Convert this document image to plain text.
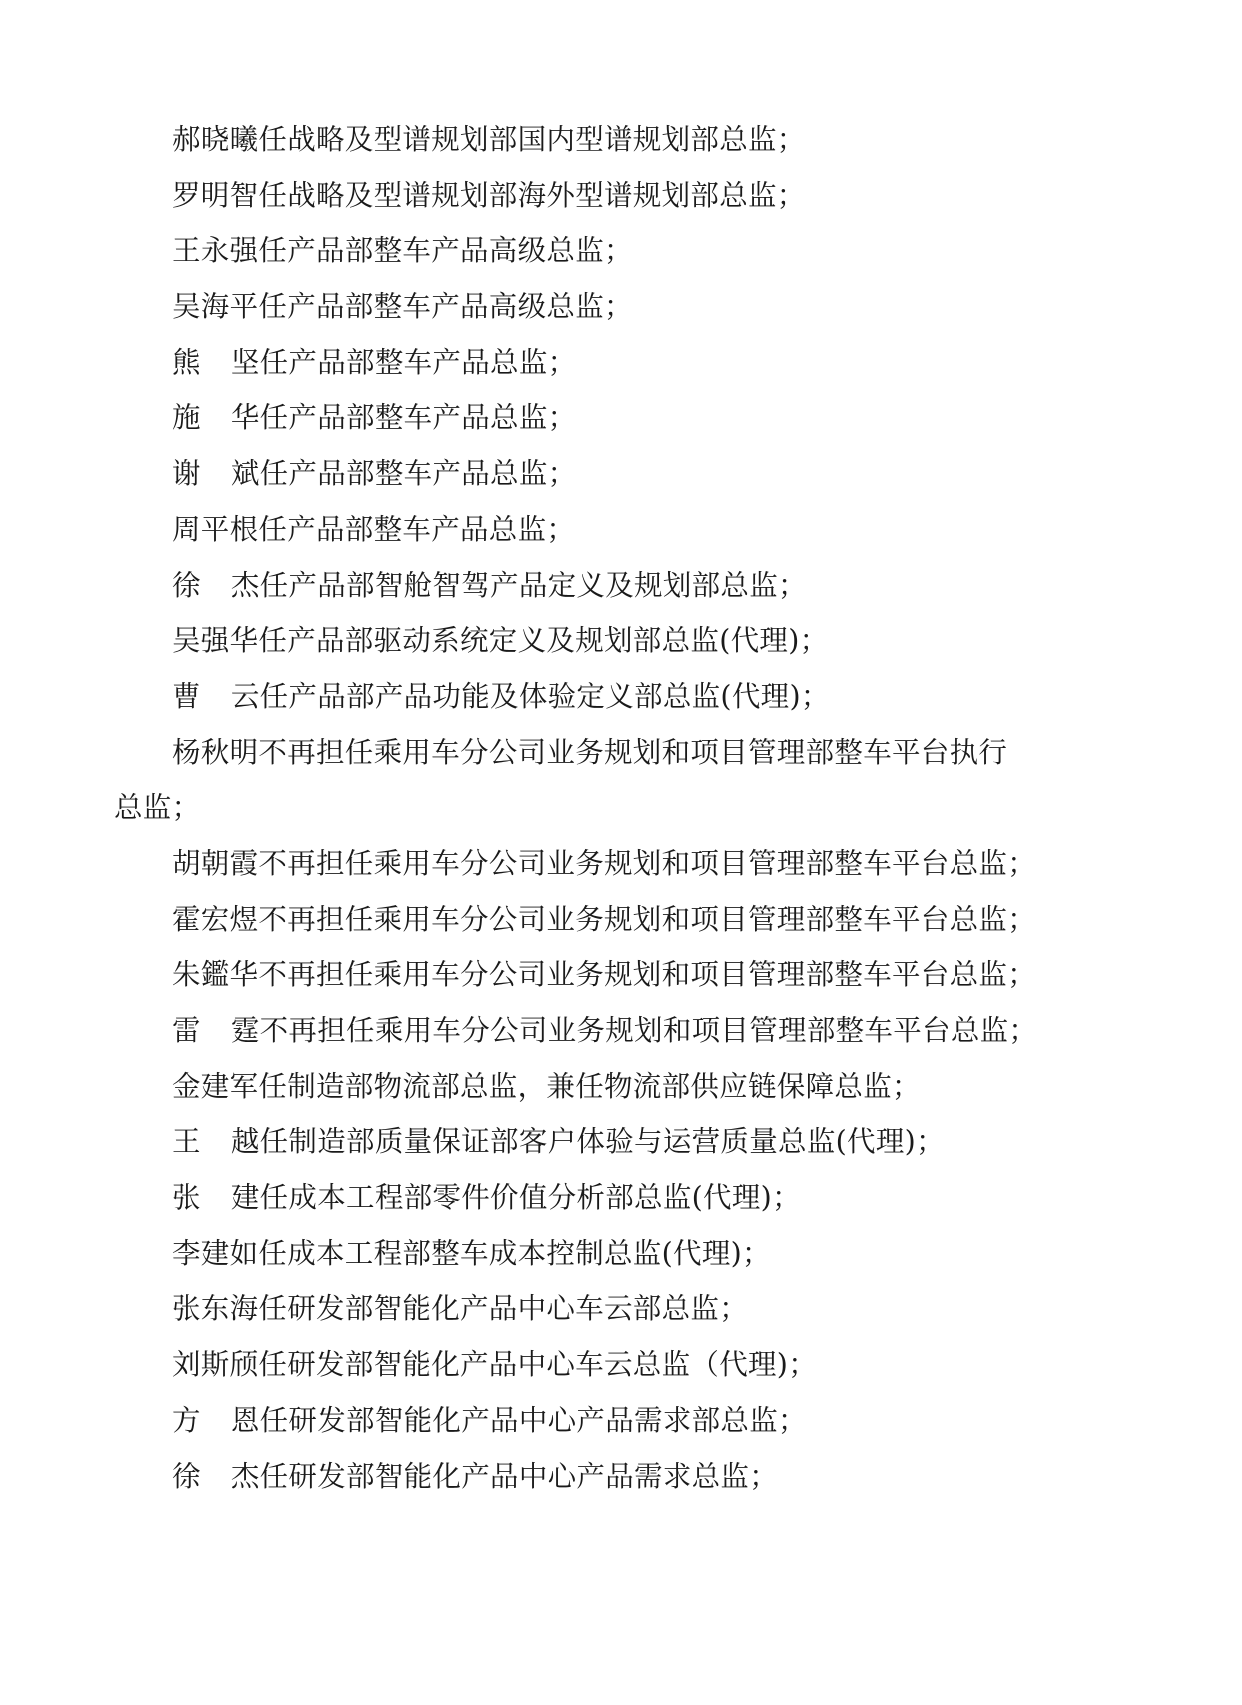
郝晓曦任战略及型谱规划部国内型谱规划部总监；
罗明智任战略及型谱规划部海外型谱规划部总监；
王永强任产品部整车产品高级总监；
吴海平任产品部整车产品高级总监；
熊 坚任产品部整车产品总监；
施 华任产品部整车产品总监；
谢 斌任产品部整车产品总监；
周平根任产品部整车产品总监；
徐 杰任产品部智舱智驾产品定义及规划部总监；
吴强华任产品部驱动系统定义及规划部总监(代理)；
曹 云任产品部产品功能及体验定义部总监(代理)；
杨秋明不再担任乘用车分公司业务规划和项目管理部整车平台执行
总监；
胡朝霞不再担任乘用车分公司业务规划和项目管理部整车平台总监；
霍宏煜不再担任乘用车分公司业务规划和项目管理部整车平台总监；
朱鑑华不再担任乘用车分公司业务规划和项目管理部整车平台总监；
雷 霆不再担任乘用车分公司业务规划和项目管理部整车平台总监；
金建军任制造部物流部总监，兼任物流部供应链保障总监；
王 越任制造部质量保证部客户体验与运营质量总监(代理)；
张 建任成本工程部零件价值分析部总监(代理)；
李建如任成本工程部整车成本控制总监(代理)；
张东海任研发部智能化产品中心车云部总监；
刘斯颀任研发部智能化产品中心车云总监（代理)；
方 恩任研发部智能化产品中心产品需求部总监；
徐 杰任研发部智能化产品中心产品需求总监；
